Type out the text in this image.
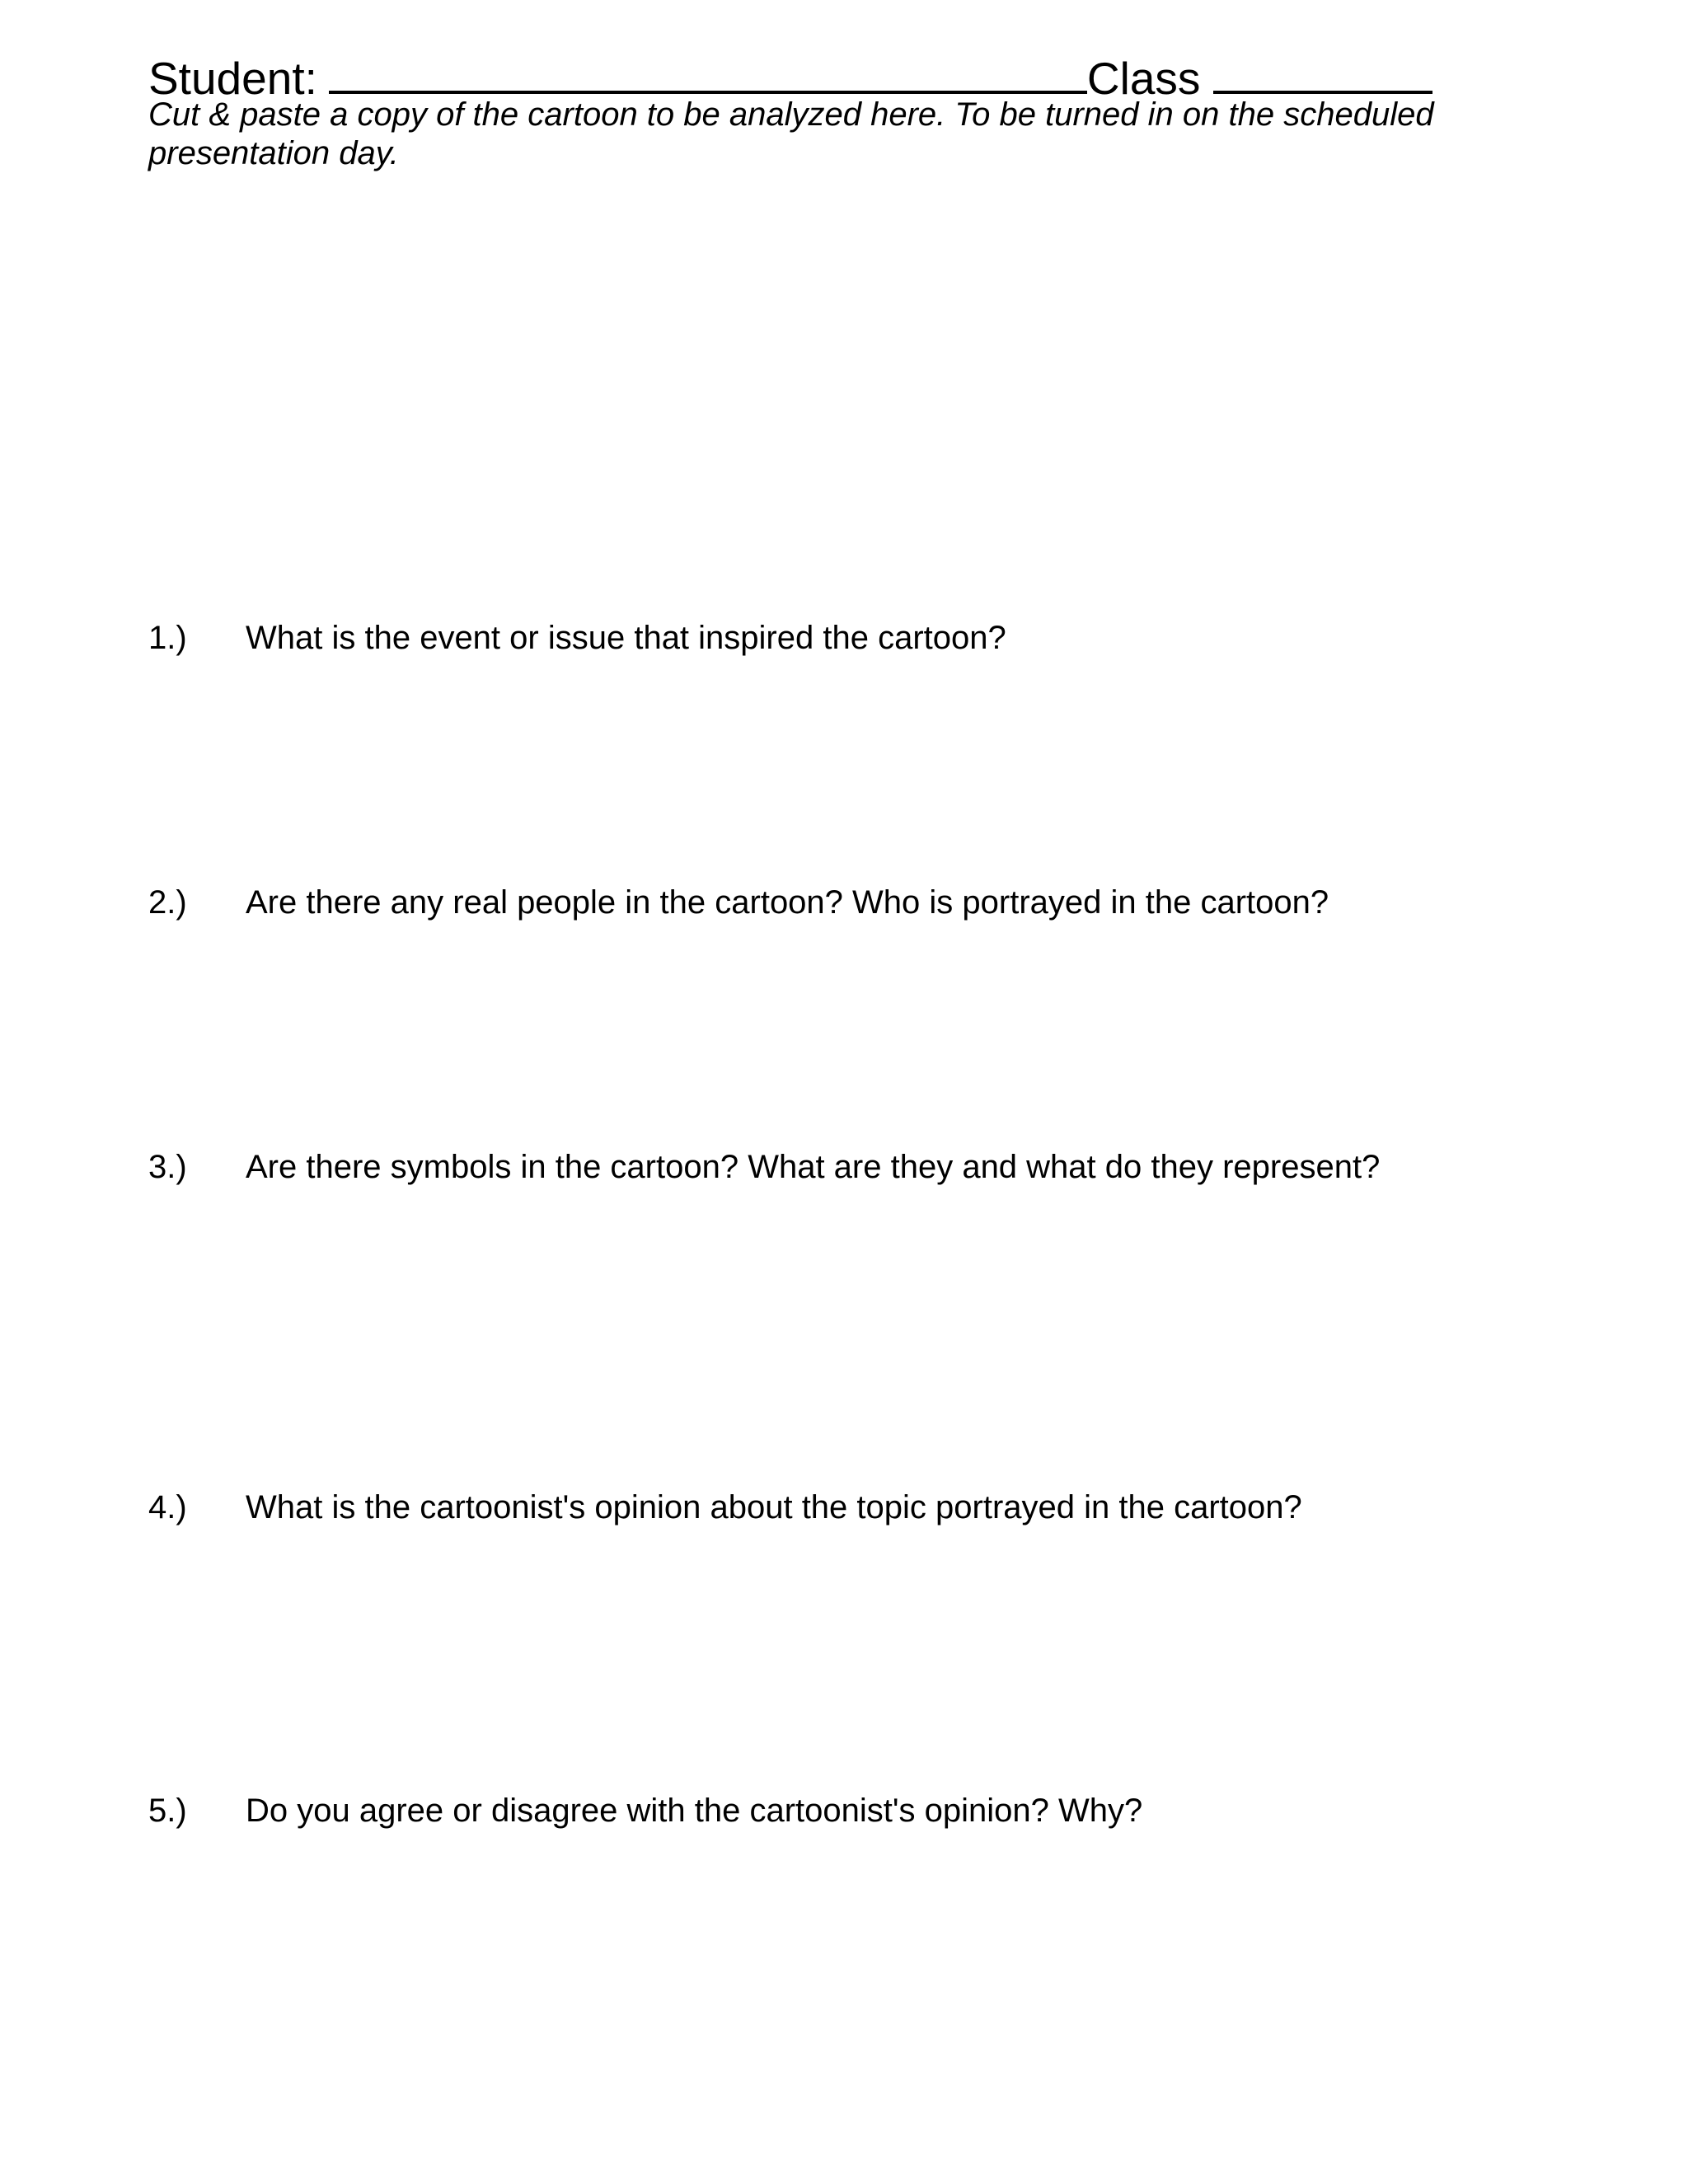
Student:	Class
Cut & paste a copy of the cartoon to be analyzed here. To be turned in on the scheduled presentation day.
1.) What is the event or issue that inspired the cartoon?
2.) Are there any real people in the cartoon? Who is portrayed in the cartoon?
3.) Are there symbols in the cartoon? What are they and what do they represent?
4.) What is the cartoonist's opinion about the topic portrayed in the cartoon?
5.) Do you agree or disagree with the cartoonist's opinion? Why?
